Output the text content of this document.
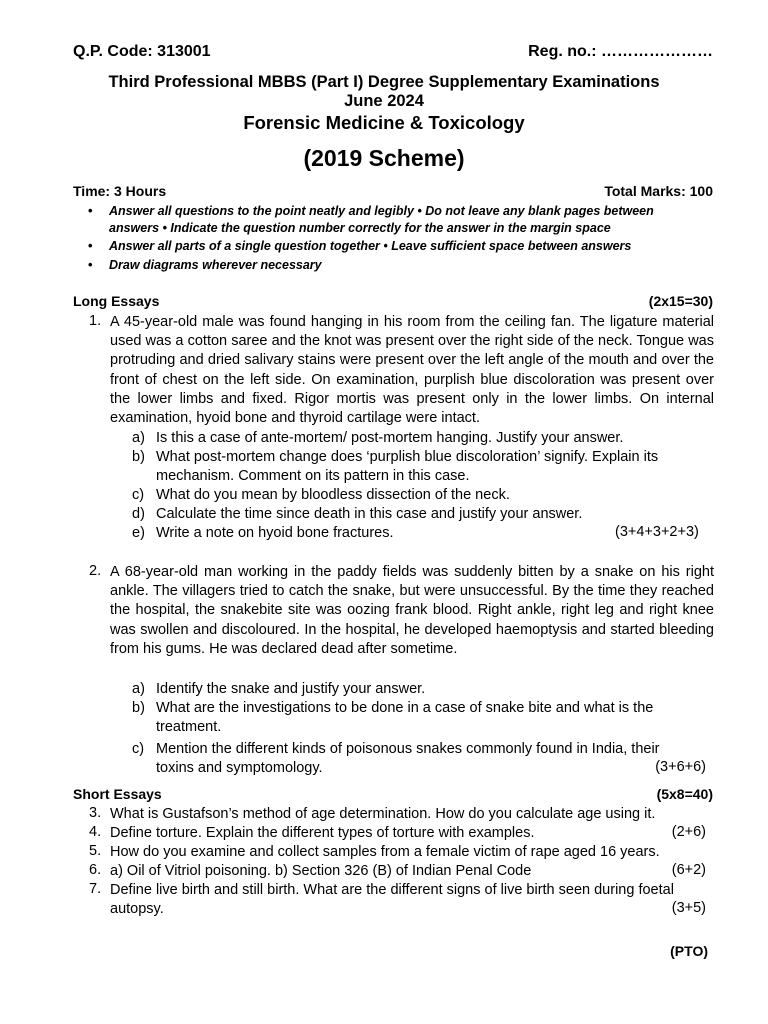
Q.P. Code: 313001	Reg. no.: …………………
Third Professional MBBS (Part I) Degree Supplementary Examinations
June 2024
Forensic Medicine & Toxicology
(2019 Scheme)
Time: 3 Hours	Total Marks: 100
• Answer all questions to the point neatly and legibly • Do not leave any blank pages between
answers • Indicate the question number correctly for the answer in the margin space
• Answer all parts of a single question together • Leave sufficient space between answers
• Draw diagrams wherever necessary
Long Essays	(2x15=30)
1. A 45-year-old male was found hanging in his room from the ceiling fan. The ligature material used was a cotton saree and the knot was present over the right side of the neck. Tongue was protruding and dried salivary stains were present over the left angle of the mouth and over the front of chest on the left side. On examination, purplish blue discoloration was present over the lower limbs and fixed. Rigor mortis was present only in the lower limbs. On internal examination, hyoid bone and thyroid cartilage were intact.
a) Is this a case of ante-mortem/ post-mortem hanging. Justify your answer.
b) What post-mortem change does ‘purplish blue discoloration’ signify. Explain its
mechanism. Comment on its pattern in this case.
c) What do you mean by bloodless dissection of the neck.
d) Calculate the time since death in this case and justify your answer.
e) Write a note on hyoid bone fractures.	(3+4+3+2+3)
2. A 68-year-old man working in the paddy fields was suddenly bitten by a snake on his right ankle. The villagers tried to catch the snake, but were unsuccessful. By the time they reached the hospital, the snakebite site was oozing frank blood. Right ankle, right leg and right knee was swollen and discoloured. In the hospital, he developed haemoptysis and started bleeding from his gums. He was declared dead after sometime.
a) Identify the snake and justify your answer.
b) What are the investigations to be done in a case of snake bite and what is the
treatment.
c) Mention the different kinds of poisonous snakes commonly found in India, their
toxins and symptomology.	(3+6+6)
Short Essays	(5x8=40)
3. What is Gustafson’s method of age determination. How do you calculate age using it.
4. Define torture. Explain the different types of torture with examples.	(2+6)
5. How do you examine and collect samples from a female victim of rape aged 16 years.
6. a) Oil of Vitriol poisoning. b) Section 326 (B) of Indian Penal Code	(6+2)
7. Define live birth and still birth. What are the different signs of live birth seen during foetal
autopsy.	(3+5)
(PTO)
